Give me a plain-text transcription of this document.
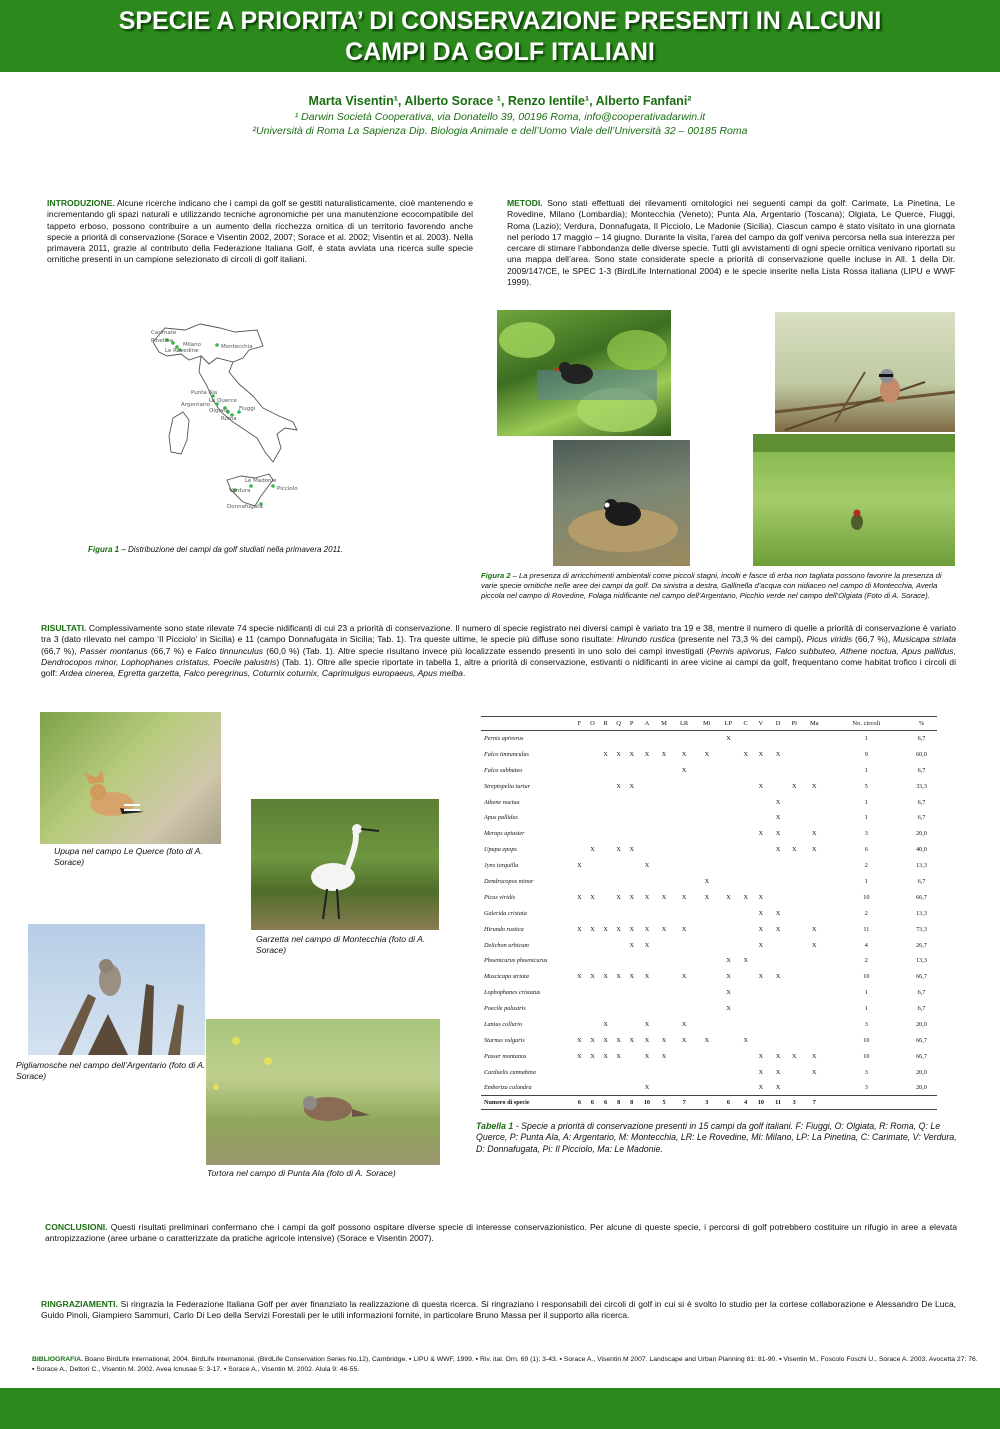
SPECIE A PRIORITA’ DI CONSERVAZIONE PRESENTI IN ALCUNI
CAMPI DA GOLF ITALIANI
Marta Visentin¹, Alberto Sorace ¹, Renzo Ientile¹, Alberto Fanfani²
¹ Darwin Società Cooperativa, via Donatello 39, 00196 Roma, info@cooperativadarwin.it
²Università di Roma La Sapienza Dip. Biologia Animale e dell’Uomo Viale dell’Università 32 – 00185 Roma
INTRODUZIONE. Alcune ricerche indicano che i campi da golf se gestiti naturalisticamente, cioè mantenendo e incrementando gli spazi naturali e utilizzando tecniche agronomiche per una manutenzione ecocompatibile del tappeto erboso, possono contribuire a un aumento della ricchezza ornitica di un territorio favorendo anche specie a priorità di conservazione (Sorace e Visentin 2002, 2007; Sorace et al. 2002; Visentin et al. 2003). Nella primavera 2011, grazie al contributo della Federazione Italiana Golf, è stata avviata una ricerca sulle specie ornitiche presenti in un campione selezionato di circoli di golf italiani.
METODI. Sono stati effettuati dei rilevamenti ornitologici nei seguenti campi da golf: Carimate, La Pinetina, Le Rovedine, Milano (Lombardia); Montecchia (Veneto); Punta Ala, Argentario (Toscana); Olgiata, Le Querce, Fiuggi, Roma (Lazio); Verdura, Donnafugata, Il Picciolo, Le Madonie (Sicilia). Ciascun campo è stato visitato in una giornata nel periodo 17 maggio – 14 giugno. Durante la visita, l’area del campo da golf veniva percorsa nella sua interezza per cercare di stimare l’abbondanza delle diverse specie. Tutti gli avvistamenti di ogni specie ornitica venivano riportati su una mappa dell’area. Sono state considerate specie a priorità di conservazione quelle incluse in All. 1 della Dir. 2009/147/CE, le SPEC 1-3 (BirdLife International 2004) e le specie inserite nella Lista Rossa italiana (LIPU e WWF 1999).
Carimate
Pinetina
Milano
Le Rovedine
Montecchia
Punta Ala
Argentario
Le Querce
Olgiata Fiuggi
Roma
Le Madonie
Verdura	Picciolo
Donnafugata
Figura 1 – Distribuzione dei campi da golf studiati nella primavera 2011.
Figura 2 – La presenza di arricchimenti ambientali come piccoli stagni, incolti e fasce di erba non tagliata possono favorire la presenza di varie specie ornitiche nelle aree dei campi da golf. Da sinistra a destra, Gallinella d’acqua con nidiaceo nel campo di Montecchia, Averla piccola nel campo di Rovedine, Folaga nidificante nel campo dell’Argentario, Picchio verde nel campo dell’Olgiata (Foto di A. Sorace).
RISULTATI. Complessivamente sono state rilevate 74 specie nidificanti di cui 23 a priorità di conservazione. Il numero di specie registrato nei diversi campi è variato tra 19 e 38, mentre il numero di quelle a priorità di conservazione è variato tra 3 (dato rilevato nel campo ‘Il Picciolo’ in Sicilia) e 11 (campo Donnafugata in Sicilia; Tab. 1). Tra queste ultime, le specie più diffuse sono risultate: Hirundo rustica (presente nel 73,3 % dei campi), Picus viridis (66,7 %), Musicapa striata (66,7 %), Passer montanus (66,7 %) e Falco tinnunculus (60,0 %) (Tab. 1). Altre specie risultano invece più localizzate essendo presenti in uno solo dei campi investigati (Pernis apivorus, Falco subbuteo, Athene noctua, Apus pallidus, Dendrocopos minor, Lophophanes cristatus, Poecile palustris) (Tab. 1). Oltre alle specie riportate in tabella 1, altre a priorità di conservazione, estivanti o nidificanti in aree vicine ai campi da golf, frequentano come habitat trofico i circoli di golf: Ardea cinerea, Egretta garzetta, Falco peregrinus, Coturnix coturnix, Caprimulgus europaeus, Apus melba.
Upupa nel campo Le Querce (foto di A. Sorace)
Garzetta nel campo di Montecchia (foto di A. Sorace)
Pigliamosche nel campo dell’Argentario (foto di A. Sorace)
Tortora nel campo di Punta Ala (foto di A. Sorace)
	F	O	R	Q	P	A	M	LR	Mi	LP	C	V	D	Pi	Ma	No. circoli	%
Pernis apivorus										X						1	6,7
Falco tinnunculus			X	X	X	X	X	X	X		X	X	X			9	60,0
Falco subbuteo								X								1	6,7
Streptopelia turtur				X	X							X		X	X	5	33,3
Athene noctua													X			1	6,7
Apus pallidus													X			1	6,7
Merops apiaster												X	X		X	3	20,0
Upupa epops		X		X	X								X	X	X	6	40,0
Jynx torquilla	X					X										2	13,3
Dendrocopos minor									X							1	6,7
Picus viridis	X	X		X	X	X	X	X	X	X	X	X				10	66,7
Galerida cristata												X	X			2	13,3
Hirundo rustica	X	X	X	X	X	X	X	X				X	X		X	11	73,3
Delichon urbicum					X	X						X			X	4	26,7
Phoenicurus phoenicurus										X	X					2	13,3
Muscicapa striata	X	X	X	X	X	X		X		X		X	X			10	66,7
Lophophanes cristatus										X						1	6,7
Poecile palustris										X						1	6,7
Lanius collurio			X			X		X								3	20,0
Sturnus vulgaris	X	X	X	X	X	X	X	X	X		X					10	66,7
Passer montanus	X	X	X	X		X	X					X	X	X	X	10	66,7
Carduelis cannabina												X	X		X	3	20,0
Emberiza calandra						X						X	X			3	20,0
Numero di specie	6	6	6	8	8	10	5	7	3	6	4	10	11	3	7		
Tabella 1 - Specie a priorità di conservazione presenti in 15 campi da golf italiani. F: Fiuggi, O: Olgiata, R: Roma, Q: Le Querce, P: Punta Ala, A: Argentario, M: Montecchia, LR: Le Rovedine, Mi: Milano, LP: La Pinetina, C: Carimate, V: Verdura, D: Donnafugata, Pi: Il Picciolo, Ma: Le Madonie.
CONCLUSIONI. Questi risultati preliminari confermano che i campi da golf possono ospitare diverse specie di interesse conservazionistico. Per alcune di queste specie, i percorsi di golf potrebbero costituire un rifugio in aree a elevata antropizzazione (aree urbane o caratterizzate da pratiche agricole intensive) (Sorace e Visentin 2007).
RINGRAZIAMENTI. Si ringrazia la Federazione Italiana Golf per aver finanziato la realizzazione di questa ricerca. Si ringraziano i responsabili dei circoli di golf in cui si è svolto lo studio per la cortese collaborazione e Alessandro De Luca, Guido Pinoli, Giampiero Sammuri, Carlo Di Leo della Servizi Forestali per le utili informazioni fornite, in particolare Bruno Massa per il supporto alla ricerca.
BIBLIOGRAFIA. Boano BirdLife International, 2004. BirdLife International. (BirdLife Conservation Series No.12), Cambridge. ▪ LIPU & WWF, 1999. ▪ Riv. ital. Orn. 69 (1): 3-43. ▪ Sorace A., Visentin M 2007. Landscape and Urban Planning 81: 81-90. ▪ Visentin M., Foscolo Foschi U., Sorace A. 2003. Avocetta 27: 76. ▪ Sorace A., Dettori C., Visentin M. 2002. Avea Icnusae 5: 3-17. ▪ Sorace A., Visentin M. 2002. Alula 9: 46-55.
